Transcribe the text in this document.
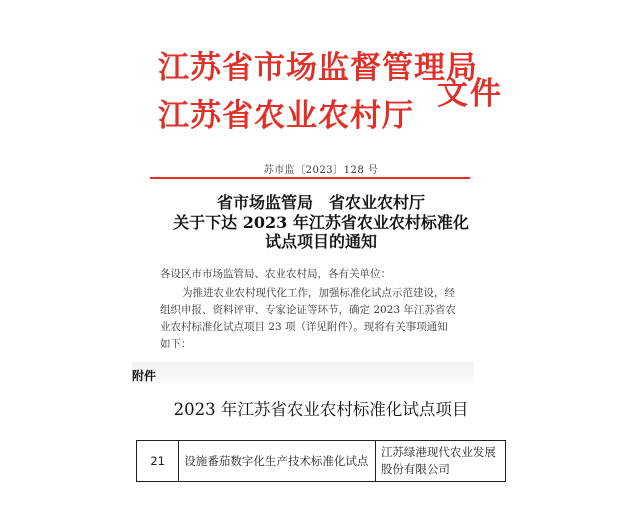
江苏省市场监督管理局
江苏省农业农村厅
文件
苏市监〔2023〕128 号
省市场监管局　省农业农村厅
关于下达 2023 年江苏省农业农村标准化
试点项目的通知
各设区市市场监管局、农业农村局，各有关单位：
为推进农业农村现代化工作，加强标准化试点示范建设，经
组织申报、资料评审、专家论证等环节，确定 2023 年江苏省农
业农村标准化试点项目 23 项（详见附件）。现将有关事项通知
如下：
附件
2023 年江苏省农业农村标准化试点项目
21	设施番茄数字化生产技术标准化试点	江苏绿港现代农业发展股份有限公司
